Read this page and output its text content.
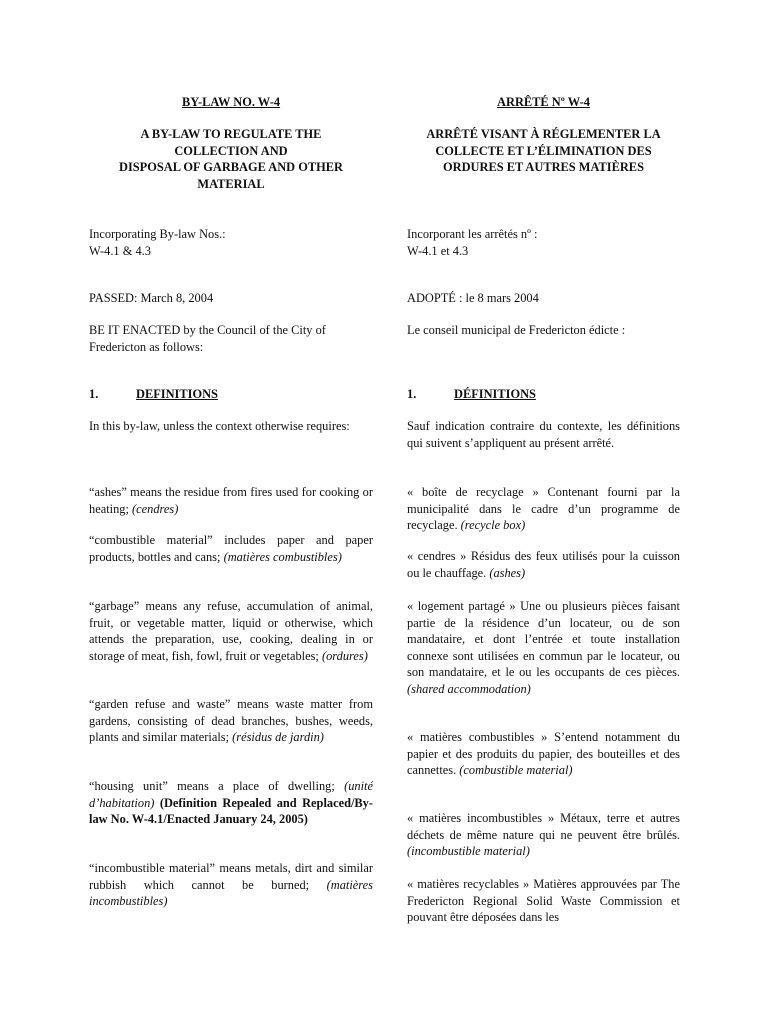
BY-LAW NO. W-4
A BY-LAW TO REGULATE THE COLLECTION AND
DISPOSAL OF GARBAGE AND OTHER MATERIAL
Incorporating By-law Nos.:
W-4.1 & 4.3
PASSED: March 8, 2004
BE IT ENACTED by the Council of the City of Fredericton as follows:
1.	DEFINITIONS
In this by-law, unless the context otherwise requires:
“ashes” means the residue from fires used for cooking or heating; (cendres)
“combustible material” includes paper and paper products, bottles and cans; (matières combustibles)
“garbage” means any refuse, accumulation of animal, fruit, or vegetable matter, liquid or otherwise, which attends the preparation, use, cooking, dealing in or storage of meat, fish, fowl, fruit or vegetables; (ordures)
“garden refuse and waste” means waste matter from gardens, consisting of dead branches, bushes, weeds, plants and similar materials; (résidus de jardin)
“housing unit” means a place of dwelling; (unité d’habitation) (Definition Repealed and Replaced/By-law No. W-4.1/Enacted January 24, 2005)
“incombustible material” means metals, dirt and similar rubbish which cannot be burned; (matières incombustibles)
ARRÊTÉ Nº W-4
ARRÊTÉ VISANT À RÉGLEMENTER LA
COLLECTE ET L’ÉLIMINATION DES
ORDURES ET AUTRES MATIÈRES
Incorporant les arrêtés nº :
W-4.1 et 4.3
ADOPTÉ : le 8 mars 2004
Le conseil municipal de Fredericton édicte :
1.	DÉFINITIONS
Sauf indication contraire du contexte, les définitions qui suivent s’appliquent au présent arrêté.
« boîte de recyclage » Contenant fourni par la municipalité dans le cadre d’un programme de recyclage. (recycle box)
« cendres » Résidus des feux utilisés pour la cuisson ou le chauffage. (ashes)
« logement partagé » Une ou plusieurs pièces faisant partie de la résidence d’un locateur, ou de son mandataire, et dont l’entrée et toute installation connexe sont utilisées en commun par le locateur, ou son mandataire, et le ou les occupants de ces pièces. (shared accommodation)
« matières combustibles » S’entend notamment du papier et des produits du papier, des bouteilles et des cannettes. (combustible material)
« matières incombustibles » Métaux, terre et autres déchets de même nature qui ne peuvent être brûlés. (incombustible material)
« matières recyclables » Matières approuvées par The Fredericton Regional Solid Waste Commission et pouvant être déposées dans les
